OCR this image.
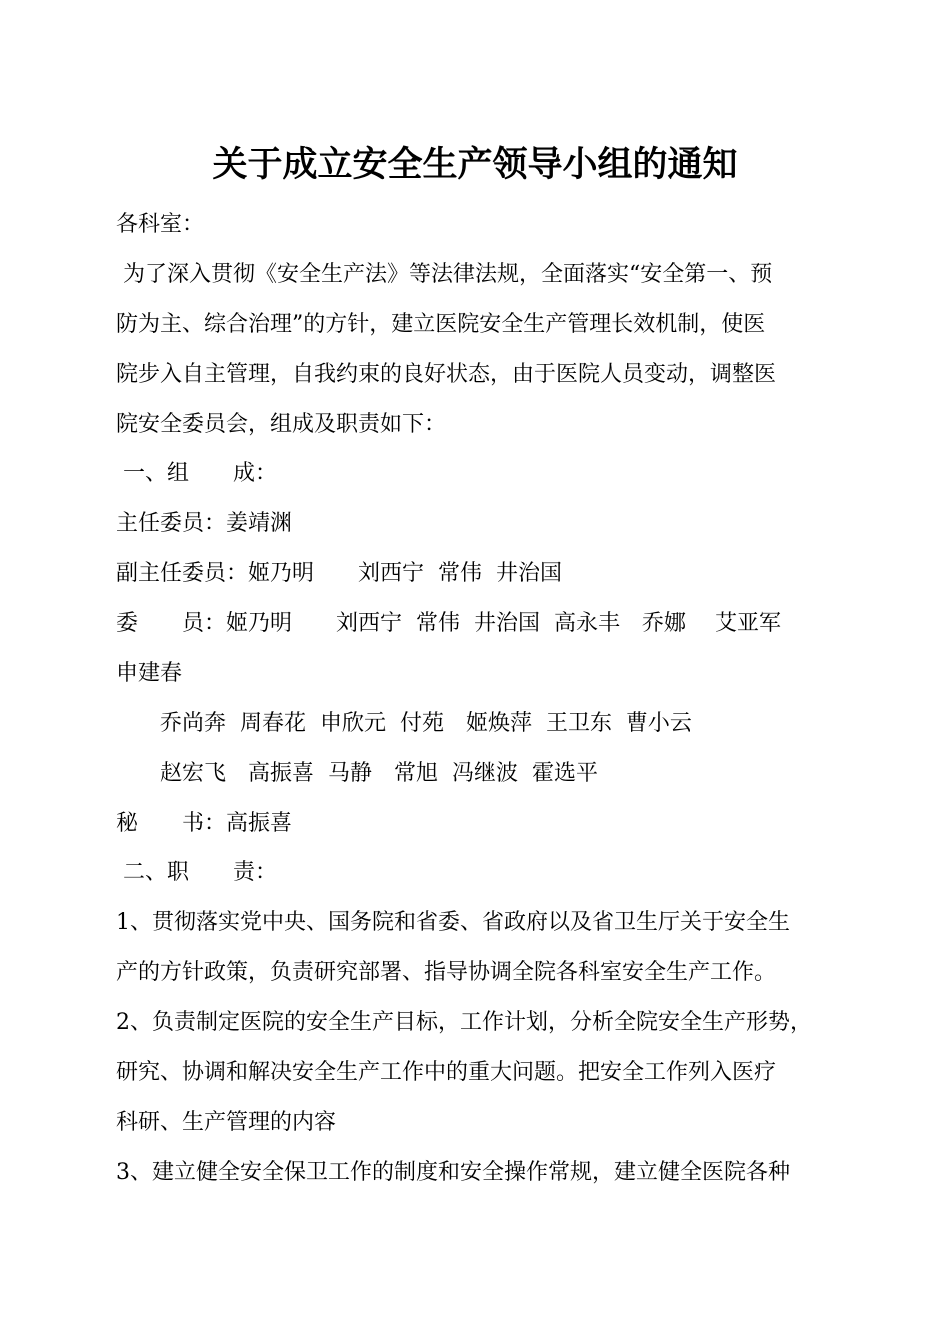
关于成立安全生产领导小组的通知
各科室：
为了深入贯彻《安全生产法》等法律法规，全面落实“安全第一、预
防为主、综合治理”的方针，建立医院安全生产管理长效机制，使医
院步入自主管理，自我约束的良好状态，由于医院人员变动，调整医
院安全委员会，组成及职责如下：
一、组　　成：
主任委员：姜靖渊
副主任委员：姬乃明　　刘西宁  常伟  井治国
委　　员：姬乃明　　刘西宁  常伟  井治国  高永丰　乔娜　 艾亚军
申建春
　　乔尚奔  周春花  申欣元  付苑　姬焕萍  王卫东  曹小云
　　赵宏飞　高振喜  马静　常旭  冯继波  霍选平
秘　　书：高振喜
二、职　　责：
1、贯彻落实党中央、国务院和省委、省政府以及省卫生厅关于安全生
产的方针政策，负责研究部署、指导协调全院各科室安全生产工作。
2、负责制定医院的安全生产目标，工作计划，分析全院安全生产形势，
研究、协调和解决安全生产工作中的重大问题。把安全工作列入医疗
科研、生产管理的内容
3、建立健全安全保卫工作的制度和安全操作常规，建立健全医院各种
